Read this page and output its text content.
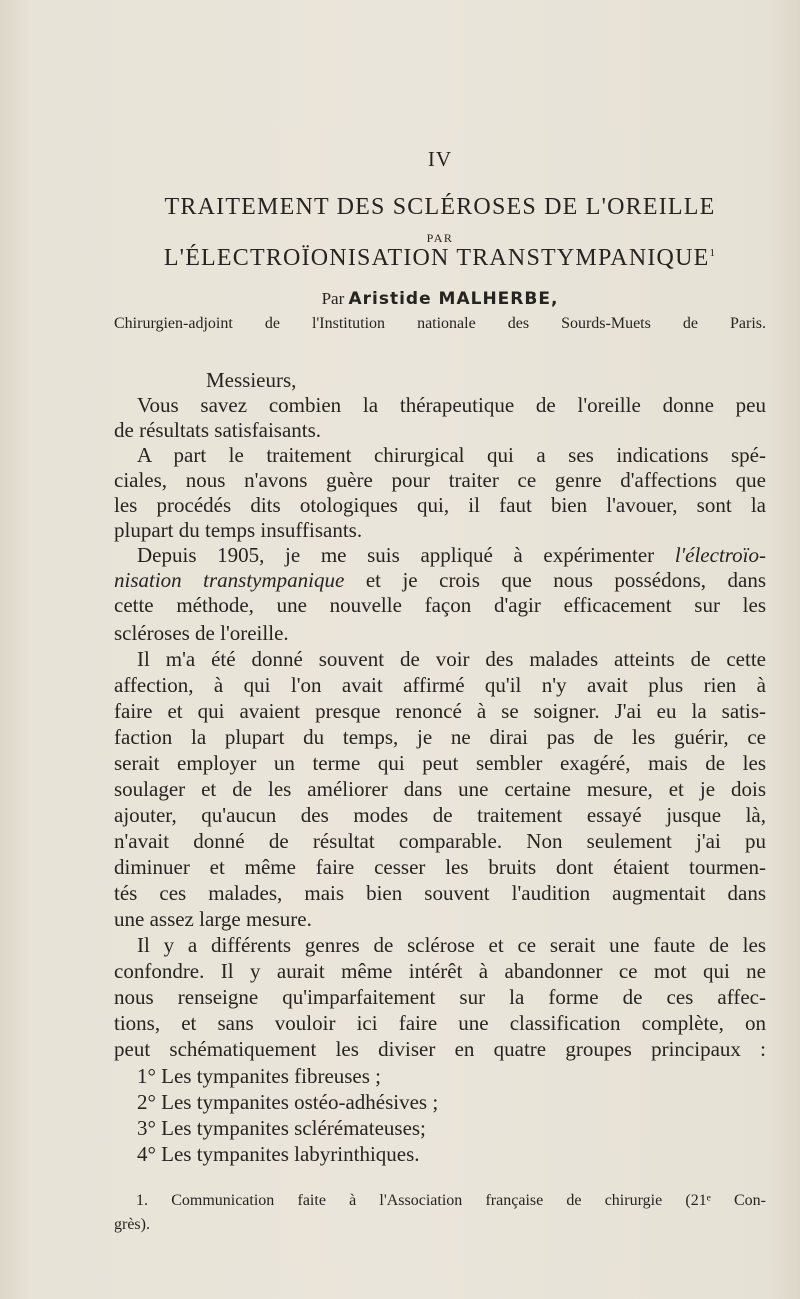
IV
TRAITEMENT DES SCLÉROSES DE L'OREILLE
PAR
L'ÉLECTROÏONISATION TRANSTYMPANIQUE$^1$
Par Aristide MALHERBE,
Chirurgien-adjoint de l'Institution nationale des Sourds-Muets de Paris.
Messieurs,
Vous savez combien la thérapeutique de l'oreille donne peu
de résultats satisfaisants.
A part le traitement chirurgical qui a ses indications spé-
ciales, nous n'avons guère pour traiter ce genre d'affections que
les procédés dits otologiques qui, il faut bien l'avouer, sont la
plupart du temps insuffisants.
Depuis 1905, je me suis appliqué à expérimenter l'électroïo-
nisation transtympanique et je crois que nous possédons, dans
cette méthode, une nouvelle façon d'agir efficacement sur les
scléroses de l'oreille.
Il m'a été donné souvent de voir des malades atteints de cette
affection, à qui l'on avait affirmé qu'il n'y avait plus rien à
faire et qui avaient presque renoncé à se soigner. J'ai eu la satis-
faction la plupart du temps, je ne dirai pas de les guérir, ce
serait employer un terme qui peut sembler exagéré, mais de les
soulager et de les améliorer dans une certaine mesure, et je dois
ajouter, qu'aucun des modes de traitement essayé jusque là,
n'avait donné de résultat comparable. Non seulement j'ai pu
diminuer et même faire cesser les bruits dont étaient tourmen-
tés ces malades, mais bien souvent l'audition augmentait dans
une assez large mesure.
Il y a différents genres de sclérose et ce serait une faute de les
confondre. Il y aurait même intérêt à abandonner ce mot qui ne
nous renseigne qu'imparfaitement sur la forme de ces affec-
tions, et sans vouloir ici faire une classification complète, on
peut schématiquement les diviser en quatre groupes principaux :
1° Les tympanites fibreuses ;
2° Les tympanites ostéo-adhésives ;
3° Les tympanites sclérémateuses;
4° Les tympanites labyrinthiques.
1. Communication faite à l'Association française de chirurgie (21ᵉ Con-
grès).
